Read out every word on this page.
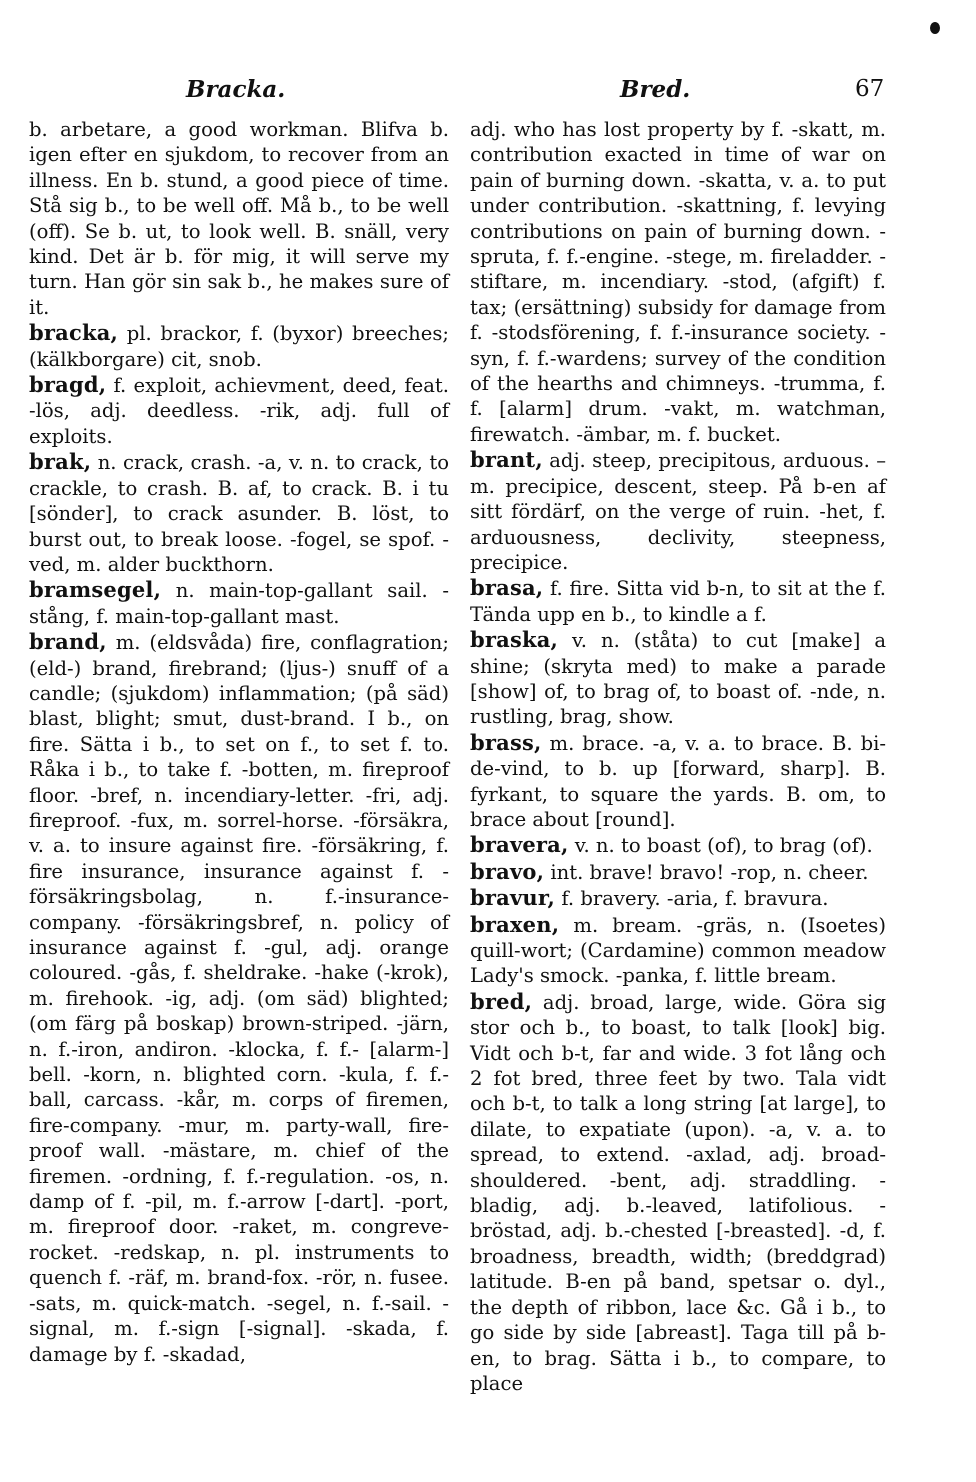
Bracka.	Bred.	67

b. arbetare, a good workman. Blifva b. igen efter en sjukdom, to recover from an illness. En b. stund, a good piece of time. Stå sig b., to be well off. Må b., to be well (off). Se b. ut, to look well. B. snäll, very kind. Det är b. för mig, it will serve my turn. Han gör sin sak b., he makes sure of it.

bracka, pl. brackor, f. (byxor) breeches; (kälkborgare) cit, snob.

bragd, f. exploit, achievment, deed, feat. -lös, adj. deedless. -rik, adj. full of exploits.

brak, n. crack, crash. -a, v. n. to crack, to crackle, to crash. B. af, to crack. B. i tu [sönder], to crack asunder. B. löst, to burst out, to break loose. -fogel, se spof. -ved, m. alder buckthorn.

bramsegel, n. main-top-gallant sail. -stång, f. main-top-gallant mast.

brand, m. (eldsvåda) fire, conflagration; (eld-) brand, firebrand; (ljus-) snuff of a candle; (sjukdom) inflammation; (på säd) blast, blight; smut, dust-brand. I b., on fire. Sätta i b., to set on f., to set f. to. Råka i b., to take f. -botten, m. fireproof floor. -bref, n. incendiary-letter. -fri, adj. fireproof. -fux, m. sorrel-horse. -försäkra, v. a. to insure against fire. -försäkring, f. fire insurance, insurance against f. -försäkringsbolag, n. f.-insurance-company. -försäkringsbref, n. policy of insurance against f. -gul, adj. orange coloured. -gås, f. sheldrake. -hake (-krok), m. firehook. -ig, adj. (om säd) blighted; (om färg på boskap) brown-striped. -järn, n. f.-iron, andiron. -klocka, f. f.- [alarm-] bell. -korn, n. blighted corn. -kula, f. f.-ball, carcass. -kår, m. corps of firemen, fire-company. -mur, m. party-wall, fire-proof wall. -mästare, m. chief of the firemen. -ordning, f. f.-regulation. -os, n. damp of f. -pil, m. f.-arrow [-dart]. -port, m. fireproof door. -raket, m. congreve-rocket. -redskap, n. pl. instruments to quench f. -räf, m. brand-fox. -rör, n. fusee. -sats, m. quick-match. -segel, n. f.-sail. -signal, m. f.-sign [-signal]. -skada, f. damage by f. -skadad,

adj. who has lost property by f. -skatt, m. contribution exacted in time of war on pain of burning down. -skatta, v. a. to put under contribution. -skattning, f. levying contributions on pain of burning down. -spruta, f. f.-engine. -stege, m. firеladder. -stiftare, m. incendiary. -stod, (afgift) f. tax; (ersättning) subsidy for damage from f. -stodsförening, f. f.-insurance society. -syn, f. f.-wardens; survey of the condition of the hearths and chimneys. -trumma, f. f. [alarm] drum. -vakt, m. watchman, firewatch. -ämbar, m. f. bucket.

brant, adj. steep, precipitous, arduous. – m. precipice, descent, steep. På b-en af sitt fördärf, on the verge of ruin. -het, f. arduousness, declivity, steepness, precipice.

brasa, f. fire. Sitta vid b-n, to sit at the f. Tända upp en b., to kindle a f.

braska, v. n. (ståta) to cut [make] a shine; (skryta med) to make a parade [show] of, to brag of, to boast of. -nde, n. rustling, brag, show.

brass, m. brace. -a, v. a. to brace. B. bi-de-vind, to b. up [forward, sharp]. B. fyrkant, to square the yards. B. om, to brace about [round].

bravera, v. n. to boast (of), to brag (of).

bravo, int. brave! bravo! -rop, n. cheer.

bravur, f. bravery. -aria, f. bravura.

braxen, m. bream. -gräs, n. (Isoetes) quill-wort; (Cardamine) common meadow Lady's smock. -panka, f. little bream.

bred, adj. broad, large, wide. Göra sig stor och b., to boast, to talk [look] big. Vidt och b-t, far and wide. 3 fot lång och 2 fot bred, three feet by two. Tala vidt och b-t, to talk a long string [at large], to dilate, to expatiate (upon). -a, v. a. to spread, to extend. -axlad, adj. broad-shouldered. -bent, adj. straddling. -bladig, adj. b.-leaved, latifolious. -bröstad, adj. b.-chested [-breasted]. -d, f. broadness, breadth, width; (breddgrad) latitude. B-en på band, spetsar o. dyl., the depth of ribbon, lace &c. Gå i b., to go side by side [abreast]. Taga till på b-en, to brag. Sätta i b., to compare, to place
